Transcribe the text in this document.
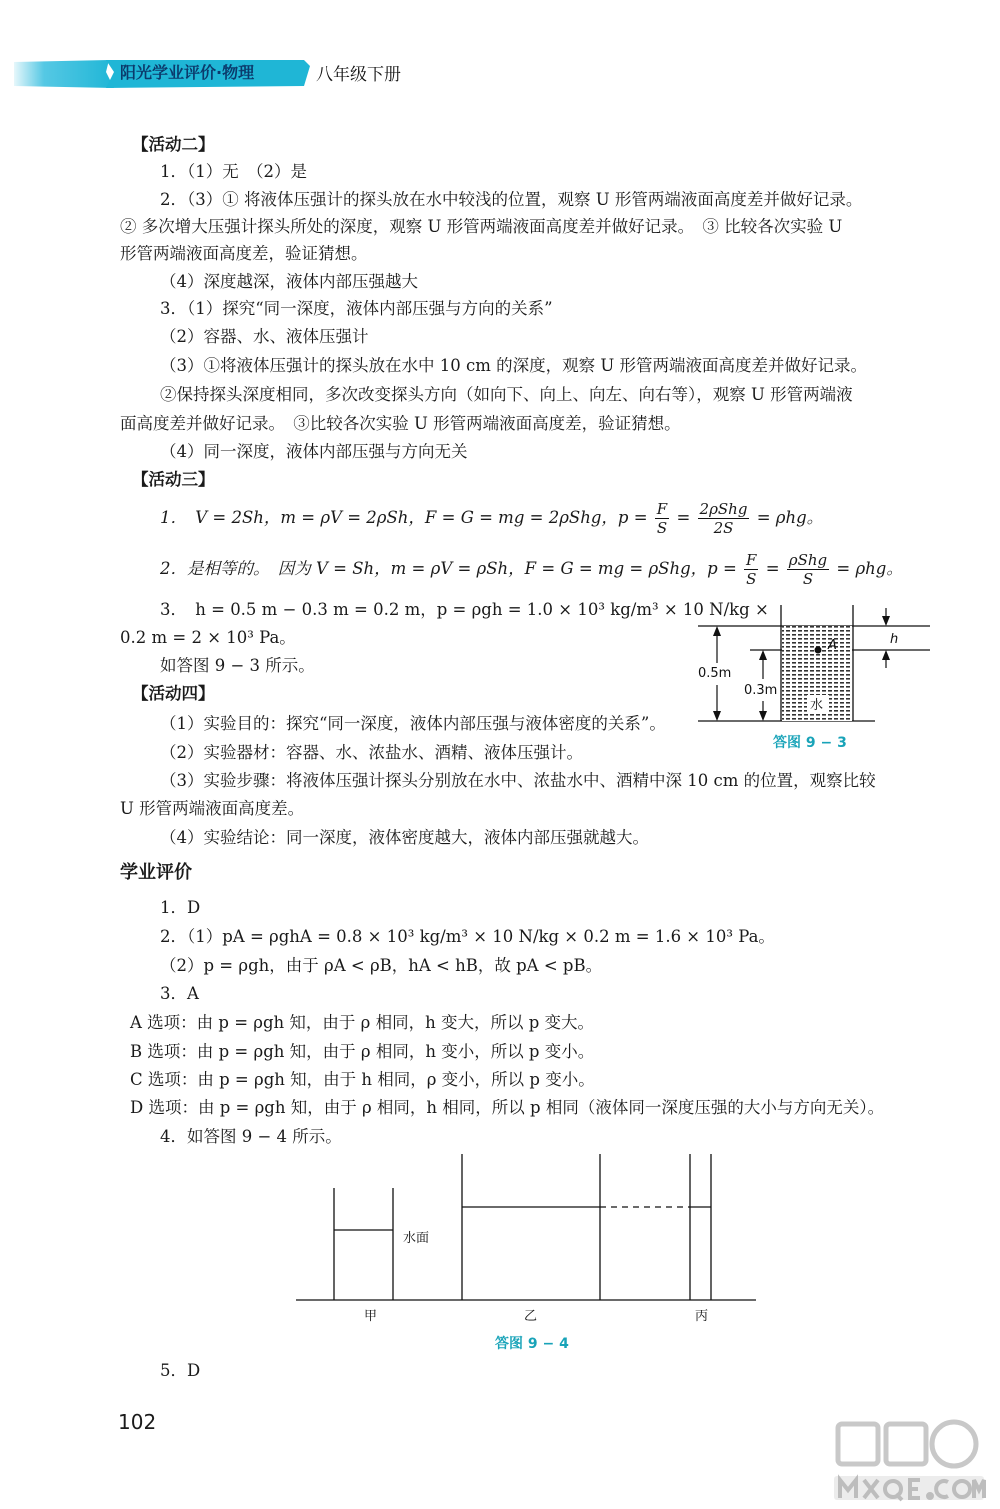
阳光学业评价·物理	八年级下册
【活动二】
1．（1）无　（2）是
2．（3）① 将液体压强计的探头放在水中较浅的位置，观察 U 形管两端液面高度差并做好记录。
② 多次增大压强计探头所处的深度，观察 U 形管两端液面高度差并做好记录。　③ 比较各次实验 U
形管两端液面高度差，验证猜想。
（4）深度越深，液体内部压强越大
3．（1）探究“同一深度，液体内部压强与方向的关系”
（2）容器、水、液体压强计
（3）①将液体压强计的探头放在水中 10 cm 的深度，观察 U 形管两端液面高度差并做好记录。
②保持探头深度相同，多次改变探头方向（如向下、向上、向左、向右等），观察 U 形管两端液
面高度差并做好记录。　③比较各次实验 U 形管两端液面高度差，验证猜想。
（4）同一深度，液体内部压强与方向无关
【活动三】
1．　V = 2Sh，m = ρV = 2ρSh，F = G = mg = 2ρShg，$p = \frac{F}{S} = \frac{\text{2ρShg}}{2S} = \rho hg$。
2．是相等的。　因为 V = Sh，m = ρV = ρSh，F = G = mg = ρShg，$p = \frac{F}{S} = \frac{\text{ρShg}}{S} = \rho hg$。
3．　h = 0.5 m − 0.3 m = 0.2 m，p = ρgh = 1.0 × 10³ kg/m³ × 10 N/kg ×
0.2 m = 2 × 10³ Pa。
如答图 9 − 3 所示。
【活动四】
（1）实验目的：探究“同一深度，液体内部压强与液体密度的关系”。
（2）实验器材：容器、水、浓盐水、酒精、液体压强计。
（3）实验步骤：将液体压强计探头分别放在水中、浓盐水中、酒精中深 10 cm 的位置，观察比较
U 形管两端液面高度差。
（4）实验结论：同一深度，液体密度越大，液体内部压强就越大。
A
水
0.5m
0.3m
h
答图 9 − 3
学业评价
1．D
2．（1）pA = ρghA = 0.8 × 10³ kg/m³ × 10 N/kg × 0.2 m = 1.6 × 10³ Pa。
（2）p = ρgh，由于 ρA < ρB，hA < hB，故 pA < pB。
3．A
A 选项：由 p = ρgh 知，由于 ρ 相同，h 变大，所以 p 变大。
B 选项：由 p = ρgh 知，由于 ρ 相同，h 变小，所以 p 变小。
C 选项：由 p = ρgh 知，由于 h 相同，ρ 变小，所以 p 变小。
D 选项：由 p = ρgh 知，由于 ρ 相同，h 相同，所以 p 相同（液体同一深度压强的大小与方向无关）。
4．如答图 9 − 4 所示。
水面
甲	乙	丙
答图 9 − 4
5．D
102
